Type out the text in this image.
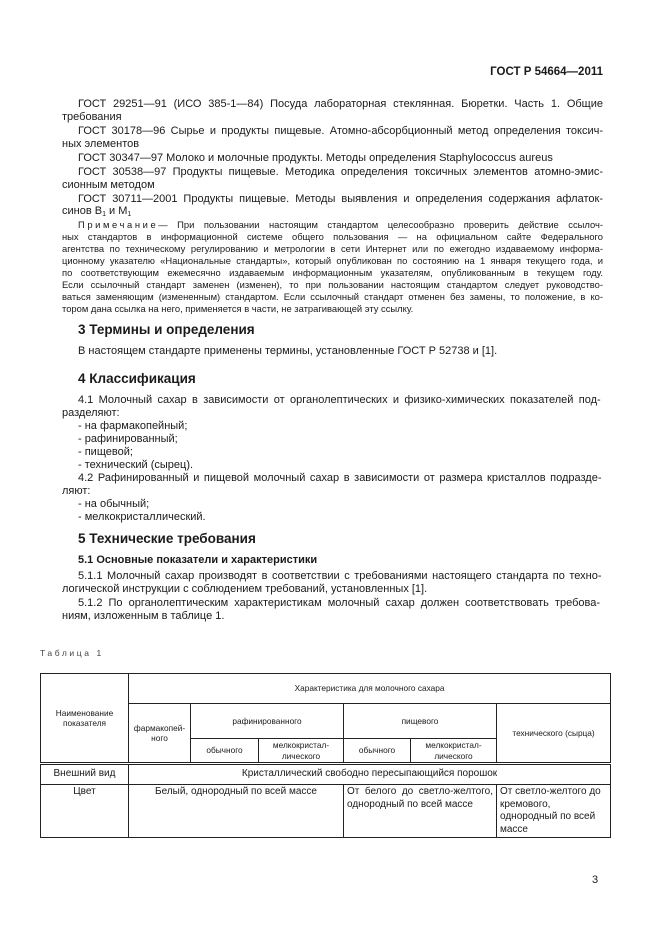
ГОСТ Р 54664—2011
ГОСТ 29251—91 (ИСО 385-1—84) Посуда лабораторная стеклянная. Бюретки. Часть 1. Общие
требования
ГОСТ 30178—96 Сырье и продукты пищевые. Атомно-абсорбционный метод определения токсич-
ных элементов
ГОСТ 30347—97 Молоко и молочные продукты. Методы определения Staphylococcus aureus
ГОСТ 30538—97 Продукты пищевые. Методика определения токсичных элементов атомно-эмис-
сионным методом
ГОСТ 30711—2001 Продукты пищевые. Методы выявления и определения содержания афлаток-
синов $B_1$ и $M_1$
Примечание— При пользовании настоящим стандартом целесообразно проверить действие ссылоч-
ных стандартов в информационной системе общего пользования — на официальном сайте Федерального
агентства по техническому регулированию и метрологии в сети Интернет или по ежегодно издаваемому информа-
ционному указателю «Национальные стандарты», который опубликован по состоянию на 1 января текущего года, и
по соответствующим ежемесячно издаваемым информационным указателям, опубликованным в текущем году.
Если ссылочный стандарт заменен (изменен), то при пользовании настоящим стандартом следует руководство-
ваться заменяющим (измененным) стандартом. Если ссылочный стандарт отменен без замены, то положение, в ко-
тором дана ссылка на него, применяется в части, не затрагивающей эту ссылку.
3 Термины и определения
В настоящем стандарте применены термины, установленные ГОСТ Р 52738 и [1].
4 Классификация
4.1 Молочный сахар в зависимости от органолептических и физико-химических показателей под-
разделяют:
- на фармакопейный;
- рафинированный;
- пищевой;
- технический (сырец).
4.2 Рафинированный и пищевой молочный сахар в зависимости от размера кристаллов подразде-
ляют:
- на обычный;
- мелкокристаллический.
5 Технические требования
5.1 Основные показатели и характеристики
5.1.1 Молочный сахар производят в соответствии с требованиями настоящего стандарта по техно-
логической инструкции с соблюдением требований, установленных [1].
5.1.2 По органолептическим характеристикам молочный сахар должен соответствовать требова-
ниям, изложенным в таблице 1.
Таблица 1
Наименование показателя	Характеристика для молочного сахара					
	фармакопей-ного	рафинированного		пищевого		технического (сырца)
		обычного	мелкокристал-лического	обычного	мелкокристал-лического	
Внешний вид	Кристаллический свободно пересыпающийся порошок					
Цвет	Белый, однородный по всей массе			От белого до светло-желтого, однородный по всей массе		От светло-желтого до кремового, однородный по всей массе
3
